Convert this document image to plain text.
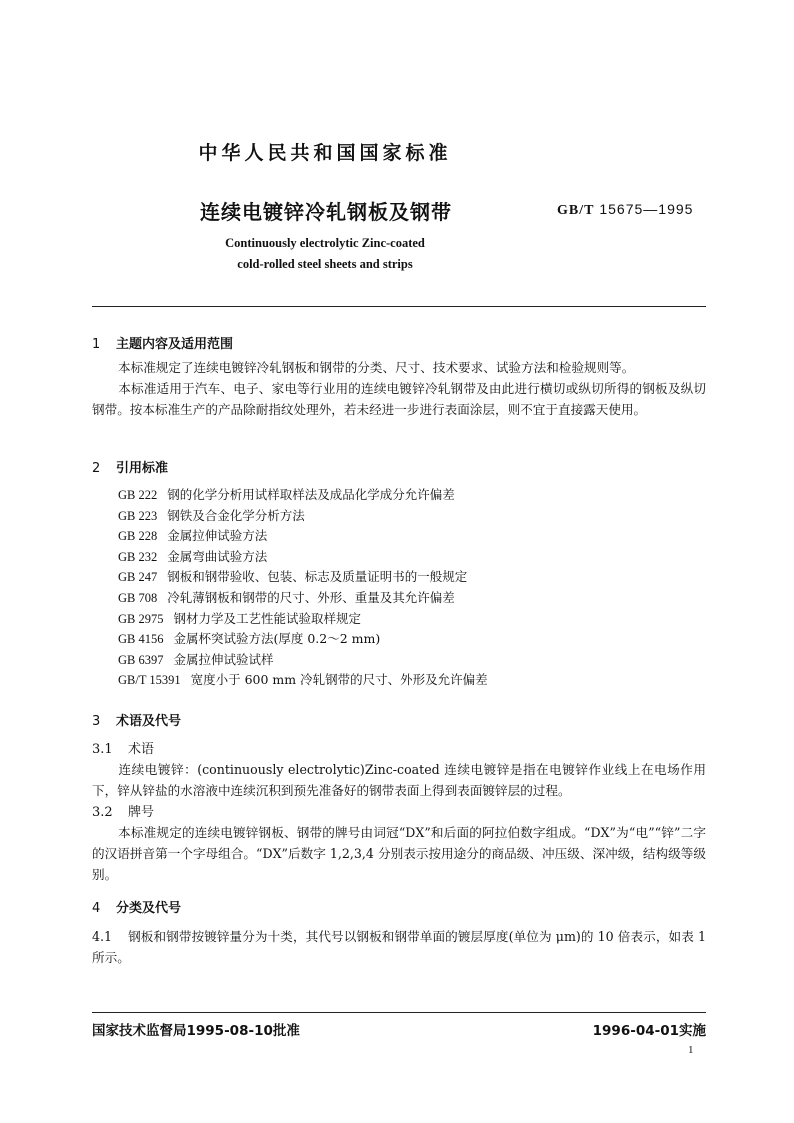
中华人民共和国国家标准
连续电镀锌冷轧钢板及钢带	GB/T 15675—1995
Continuously electrolytic Zinc-coated
cold-rolled steel sheets and strips
1 主题内容及适用范围
本标准规定了连续电镀锌冷轧钢板和钢带的分类、尺寸、技术要求、试验方法和检验规则等。
本标准适用于汽车、电子、家电等行业用的连续电镀锌冷轧钢带及由此进行横切或纵切所得的钢板及纵切钢带。按本标准生产的产品除耐指纹处理外，若未经进一步进行表面涂层，则不宜于直接露天使用。
2 引用标准
GB 222 钢的化学分析用试样取样法及成品化学成分允许偏差
GB 223 钢铁及合金化学分析方法
GB 228 金属拉伸试验方法
GB 232 金属弯曲试验方法
GB 247 钢板和钢带验收、包装、标志及质量证明书的一般规定
GB 708 冷轧薄钢板和钢带的尺寸、外形、重量及其允许偏差
GB 2975 钢材力学及工艺性能试验取样规定
GB 4156 金属杯突试验方法(厚度 0.2～2 mm)
GB 6397 金属拉伸试验试样
GB/T 15391 宽度小于 600 mm 冷轧钢带的尺寸、外形及允许偏差
3 术语及代号
3.1 术语
连续电镀锌：(continuously electrolytic)Zinc-coated 连续电镀锌是指在电镀锌作业线上在电场作用下，锌从锌盐的水溶液中连续沉积到预先准备好的钢带表面上得到表面镀锌层的过程。
3.2 牌号
本标准规定的连续电镀锌钢板、钢带的牌号由词冠“DX”和后面的阿拉伯数字组成。“DX”为“电”“锌”二字的汉语拼音第一个字母组合。“DX”后数字 1,2,3,4 分别表示按用途分的商品级、冲压级、深冲级，结构级等级别。
4 分类及代号
4.1 钢板和钢带按镀锌量分为十类，其代号以钢板和钢带单面的镀层厚度(单位为 μm)的 10 倍表示，如表 1 所示。
国家技术监督局1995-08-10批准	1996-04-01实施
1
